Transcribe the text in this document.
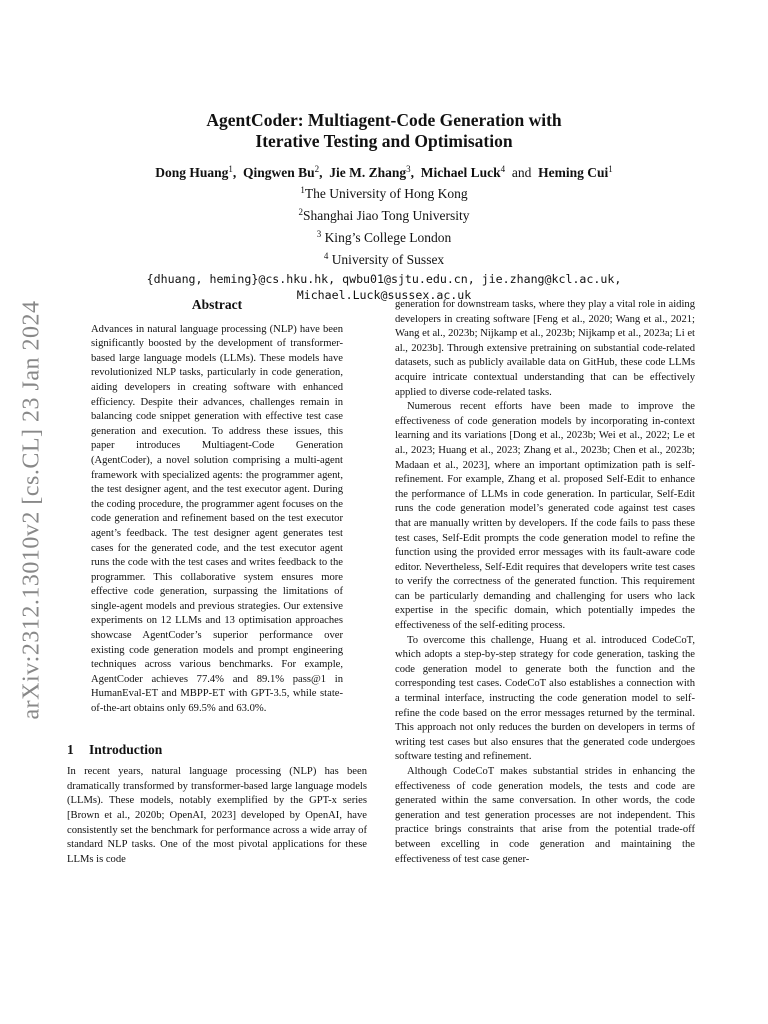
arXiv:2312.13010v2 [cs.CL] 23 Jan 2024
AgentCoder: Multiagent-Code Generation with
Iterative Testing and Optimisation
Dong Huang$^1$,  Qingwen Bu$^2$,  Jie M. Zhang$^3$,  Michael Luck$^4$ and Heming Cui$^1$
$^1$The University of Hong Kong
$^2$Shanghai Jiao Tong University
$^3$ King’s College London
$^4$ University of Sussex
{dhuang, heming}@cs.hku.hk, qwbu01@sjtu.edu.cn, jie.zhang@kcl.ac.uk,
Michael.Luck@sussex.ac.uk
Abstract

Advances in natural language processing (NLP) have been significantly boosted by the development of transformer-based large language models (LLMs). These models have revolutionized NLP tasks, particularly in code generation, aiding developers in creating software with enhanced efficiency. Despite their advances, challenges remain in balancing code snippet generation with effective test case generation and execution. To address these issues, this paper introduces Multiagent-Code Generation (AgentCoder), a novel solution comprising a multi-agent framework with specialized agents: the programmer agent, the test designer agent, and the test executor agent. During the coding procedure, the programmer agent focuses on the code generation and refinement based on the test executor agent’s feedback. The test designer agent generates test cases for the generated code, and the test executor agent runs the code with the test cases and writes feedback to the programmer. This collaborative system ensures more effective code generation, surpassing the limitations of single-agent models and previous strategies. Our extensive experiments on 12 LLMs and 13 optimisation approaches showcase AgentCoder’s superior performance over existing code generation models and prompt engineering techniques across various benchmarks. For example, AgentCoder achieves 77.4% and 89.1% pass@1 in HumanEval-ET and MBPP-ET with GPT-3.5, while state-of-the-art obtains only 69.5% and 63.0%.

1 Introduction

In recent years, natural language processing (NLP) has been dramatically transformed by transformer-based large language models (LLMs). These models, notably exemplified by the GPT-x series [Brown et al., 2020b; OpenAI, 2023] developed by OpenAI, have consistently set the benchmark for performance across a wide array of standard NLP tasks. One of the most pivotal applications for these LLMs is code

generation for downstream tasks, where they play a vital role in aiding developers in creating software [Feng et al., 2020; Wang et al., 2021; Wang et al., 2023b; Nijkamp et al., 2023b; Nijkamp et al., 2023a; Li et al., 2023b]. Through extensive pretraining on substantial code-related datasets, such as publicly available data on GitHub, these code LLMs acquire intricate contextual understanding that can be effectively applied to diverse code-related tasks.

Numerous recent efforts have been made to improve the effectiveness of code generation models by incorporating in-context learning and its variations [Dong et al., 2023b; Wei et al., 2022; Le et al., 2023; Huang et al., 2023; Zhang et al., 2023b; Chen et al., 2023b; Madaan et al., 2023], where an important optimization path is self-refinement. For example, Zhang et al. proposed Self-Edit to enhance the performance of LLMs in code generation. In particular, Self-Edit runs the code generation model’s generated code against test cases that are manually written by developers. If the code fails to pass these test cases, Self-Edit prompts the code generation model to refine the function using the provided error messages with its fault-aware code editor. Nevertheless, Self-Edit requires that developers write test cases to verify the correctness of the generated function. This requirement can be particularly demanding and challenging for users who lack expertise in the specific domain, which potentially impedes the effectiveness of the self-editing process.

To overcome this challenge, Huang et al. introduced CodeCoT, which adopts a step-by-step strategy for code generation, tasking the code generation model to generate both the function and the corresponding test cases. CodeCoT also establishes a connection with a terminal interface, instructing the code generation model to self-refine the code based on the error messages returned by the terminal. This approach not only reduces the burden on developers in terms of writing test cases but also ensures that the generated code undergoes software testing and refinement.

Although CodeCoT makes substantial strides in enhancing the effectiveness of code generation models, the tests and code are generated within the same conversation. In other words, the code generation and test generation processes are not independent. This practice brings constraints that arise from the potential trade-off between excelling in code generation and maintaining the effectiveness of test case gener-
